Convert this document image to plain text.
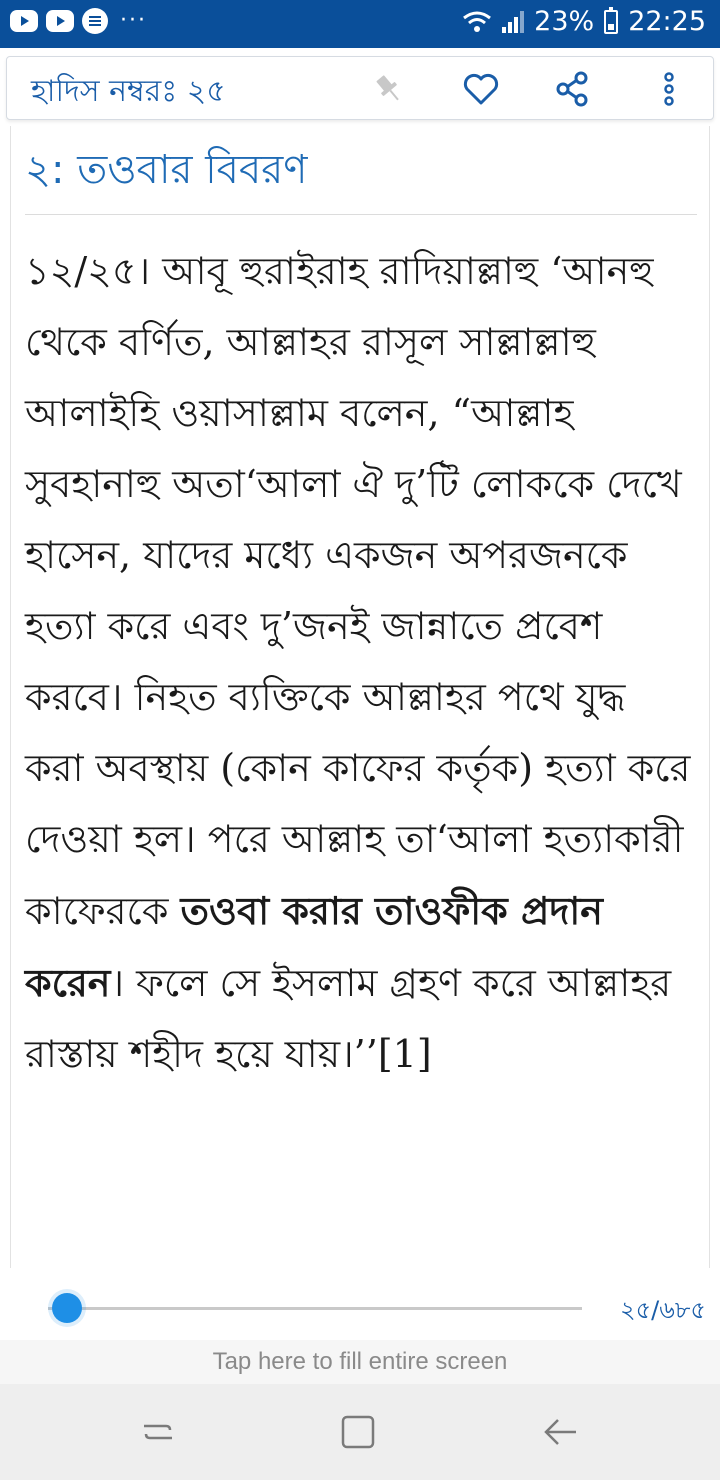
···	23% 22:25
হাদিস নম্বরঃ ২৫
২: তওবার বিবরণ
১২/২৫। আবূ হুরাইরাহ রাদিয়াল্লাহু ‘আনহু থেকে বর্ণিত, আল্লাহর রাসূল সাল্লাল্লাহু আলাইহি ওয়াসাল্লাম বলেন, “আল্লাহ সুবহানাহু অতা‘আলা ঐ দু’টি লোককে দেখে হাসেন, যাদের মধ্যে একজন অপরজনকে হত্যা করে এবং দু’জনই জান্নাতে প্রবেশ করবে। নিহত ব্যক্তিকে আল্লাহর পথে যুদ্ধ করা অবস্থায় (কোন কাফের কর্তৃক) হত্যা করে দেওয়া হল। পরে আল্লাহ তা‘আলা হত্যাকারী কাফেরকে তওবা করার তাওফীক প্রদান করেন। ফলে সে ইসলাম গ্রহণ করে আল্লাহর রাস্তায় শহীদ হয়ে যায়।’’[1]
২৫/৬৮৫
Tap here to fill entire screen
